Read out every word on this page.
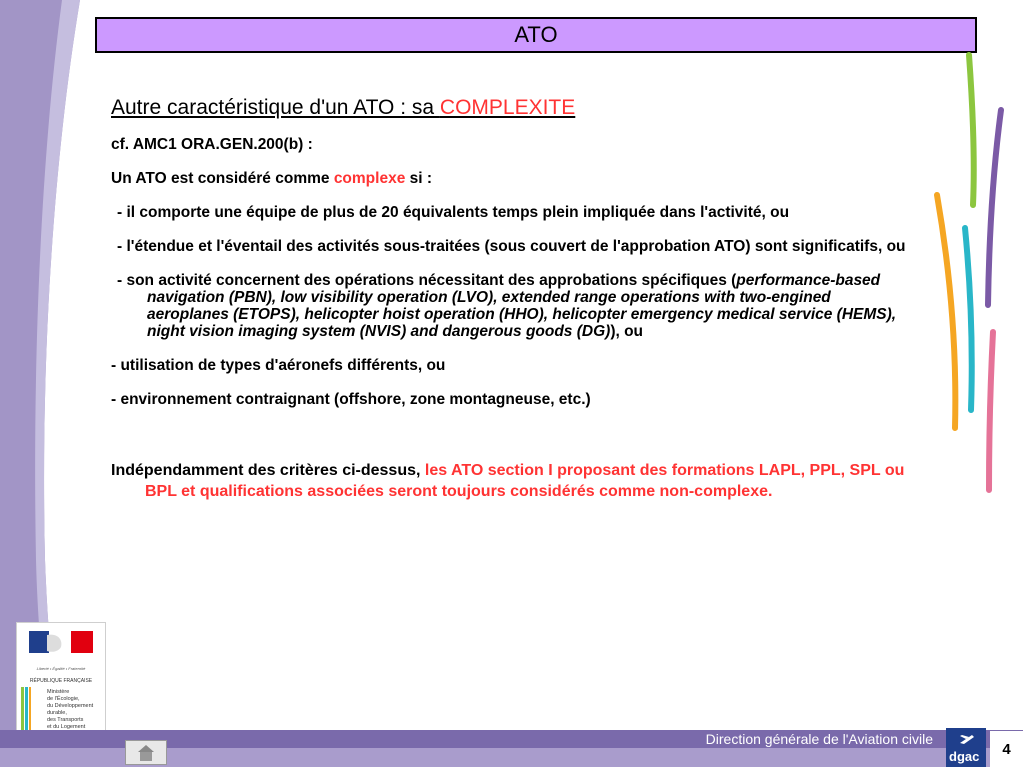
ATO
Autre caractéristique d'un ATO : sa COMPLEXITE
cf. AMC1 ORA.GEN.200(b) :
Un ATO est considéré comme complexe si :
- il comporte une équipe de plus de 20 équivalents temps plein impliquée dans l'activité, ou
- l'étendue et l'éventail des activités sous-traitées (sous couvert de l'approbation ATO) sont significatifs, ou
- son activité concernent des opérations nécessitant des approbations spécifiques (performance-based navigation (PBN), low visibility operation (LVO), extended range operations with two-engined aeroplanes (ETOPS), helicopter hoist operation (HHO), helicopter emergency medical service (HEMS), night vision imaging system (NVIS) and dangerous goods (DG)), ou
- utilisation de types d'aéronefs différents, ou
- environnement contraignant (offshore, zone montagneuse, etc.)
Indépendamment des critères ci-dessus, les ATO section I proposant des formations LAPL, PPL, SPL ou BPL et qualifications associées seront toujours considérés comme non-complexe.
Liberté • Égalité • Fraternité
RÉPUBLIQUE FRANÇAISE
Ministère
de l'Écologie,
du Développement
durable,
des Transports
et du Logement
Direction générale de l'Aviation civile
dgac	4
